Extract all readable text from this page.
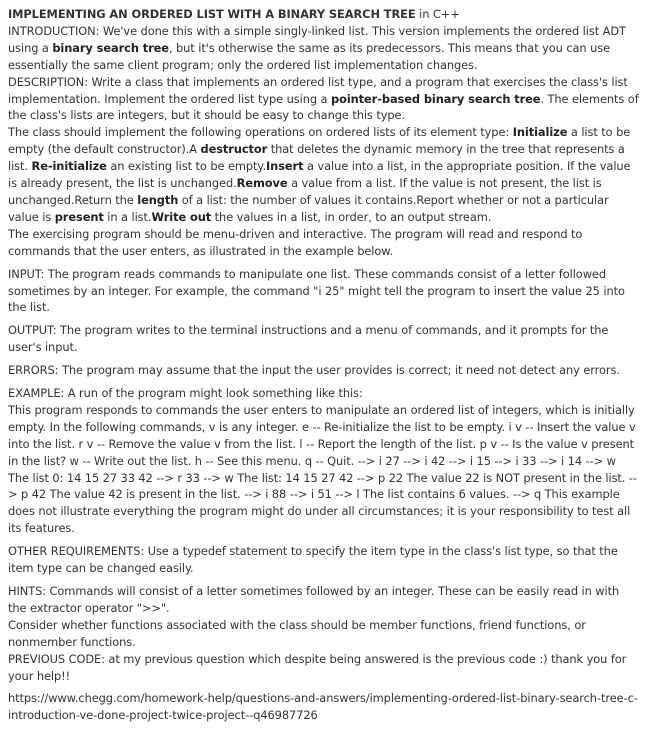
IMPLEMENTING AN ORDERED LIST WITH A BINARY SEARCH TREE in C++
INTRODUCTION: We've done this with a simple singly-linked list. This version implements the ordered list ADT using a binary search tree, but it's otherwise the same as its predecessors. This means that you can use essentially the same client program; only the ordered list implementation changes.
DESCRIPTION: Write a class that implements an ordered list type, and a program that exercises the class's list implementation. Implement the ordered list type using a pointer-based binary search tree. The elements of the class's lists are integers, but it should be easy to change this type.
The class should implement the following operations on ordered lists of its element type: Initialize a list to be empty (the default constructor).A destructor that deletes the dynamic memory in the tree that represents a list. Re-initialize an existing list to be empty.Insert a value into a list, in the appropriate position. If the value is already present, the list is unchanged.Remove a value from a list. If the value is not present, the list is unchanged.Return the length of a list: the number of values it contains.Report whether or not a particular value is present in a list.Write out the values in a list, in order, to an output stream.
The exercising program should be menu-driven and interactive. The program will read and respond to commands that the user enters, as illustrated in the example below.
INPUT: The program reads commands to manipulate one list. These commands consist of a letter followed sometimes by an integer. For example, the command "i 25" might tell the program to insert the value 25 into the list.
OUTPUT: The program writes to the terminal instructions and a menu of commands, and it prompts for the user's input.
ERRORS: The program may assume that the input the user provides is correct; it need not detect any errors.
EXAMPLE: A run of the program might look something like this:
This program responds to commands the user enters to manipulate an ordered list of integers, which is initially empty. In the following commands, v is any integer. e -- Re-initialize the list to be empty. i v -- Insert the value v into the list. r v -- Remove the value v from the list. l -- Report the length of the list. p v -- Is the value v present in the list? w -- Write out the list. h -- See this menu. q -- Quit. --> i 27 --> i 42 --> i 15 --> i 33 --> i 14 --> w The list 0: 14 15 27 33 42 --> r 33 --> w The list: 14 15 27 42 --> p 22 The value 22 is NOT present in the list. --> p 42 The value 42 is present in the list. --> i 88 --> i 51 --> l The list contains 6 values. --> q This example does not illustrate everything the program might do under all circumstances; it is your responsibility to test all its features.
OTHER REQUIREMENTS: Use a typedef statement to specify the item type in the class's list type, so that the item type can be changed easily.
HINTS: Commands will consist of a letter sometimes followed by an integer. These can be easily read in with the extractor operator ">>".
Consider whether functions associated with the class should be member functions, friend functions, or nonmember functions.
PREVIOUS CODE: at my previous question which despite being answered is the previous code :) thank you for your help!!
https://www.chegg.com/homework-help/questions-and-answers/implementing-ordered-list-binary-search-tree-c-introduction-ve-done-project-twice-project--q46987726
